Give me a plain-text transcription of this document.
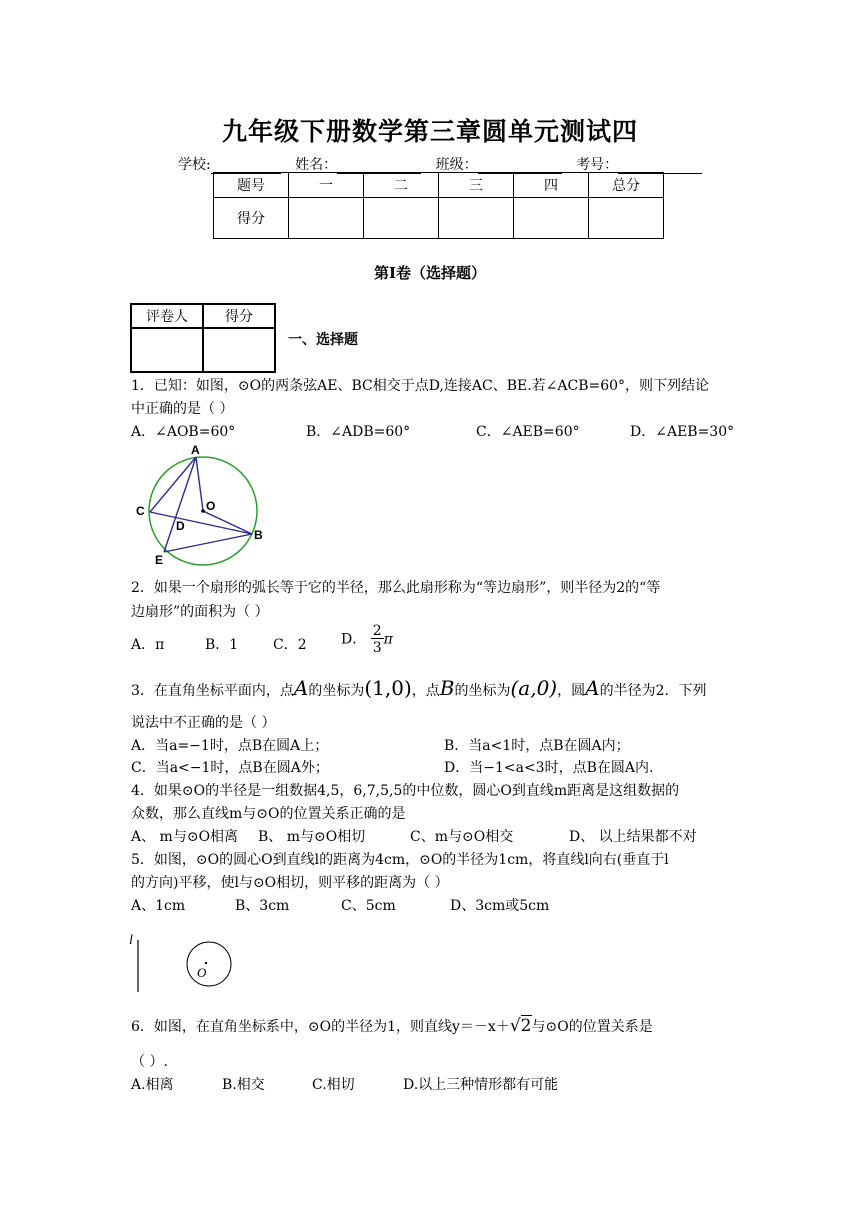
九年级下册数学第三章圆单元测试四
学校:	姓名：	班级：	考号：
题号	一	二	三	四	总分
得分					
第Ⅰ卷（选择题）
评卷人	得分

一、选择题
1．已知：如图，⊙O的两条弦AE、BC相交于点D,连接AC、BE.若∠ACB=60°，则下列结论
中正确的是（ ）
A．∠AOB=60°	B．∠ADB=60°	C．∠AEB=60°	D．∠AEB=30°
A
O
C
D
B
E
2．如果一个扇形的弧长等于它的半径，那么此扇形称为“等边扇形”，则半径为2的“等
边扇形”的面积为（ ）
A．π	B．1 C．2 D． $\frac{2}{3}$ π
3．在直角坐标平面内，点A的坐标为(1,0)，点B的坐标为(a,0)，圆A的半径为2．下列
说法中不正确的是（ ）
A．当a=−1时，点B在圆A上；	B．当a<1时，点B在圆A内；
C．当a<−1时，点B在圆A外；	D．当−1<a<3时，点B在圆A内.
4．如果⊙O的半径是一组数据4,5，6,7,5,5的中位数，圆心O到直线m距离是这组数据的
众数，那么直线m与⊙O的位置关系正确的是
A、 m与⊙O相离 B、 m与⊙O相切	C、m与⊙O相交	D、 以上结果都不对
5．如图，⊙O的圆心O到直线l的距离为4cm，⊙O的半径为1cm，将直线l向右(垂直于l
的方向)平移，使l与⊙O相切，则平移的距离为（ ）
A、1cm	B、3cm	C、5cm	D、3cm或5cm
l
O
6．如图，在直角坐标系中，⊙O的半径为1，则直线y＝－x＋√2与⊙O的位置关系是
（ ）.
A.相离	B.相交	C.相切	D.以上三种情形都有可能
